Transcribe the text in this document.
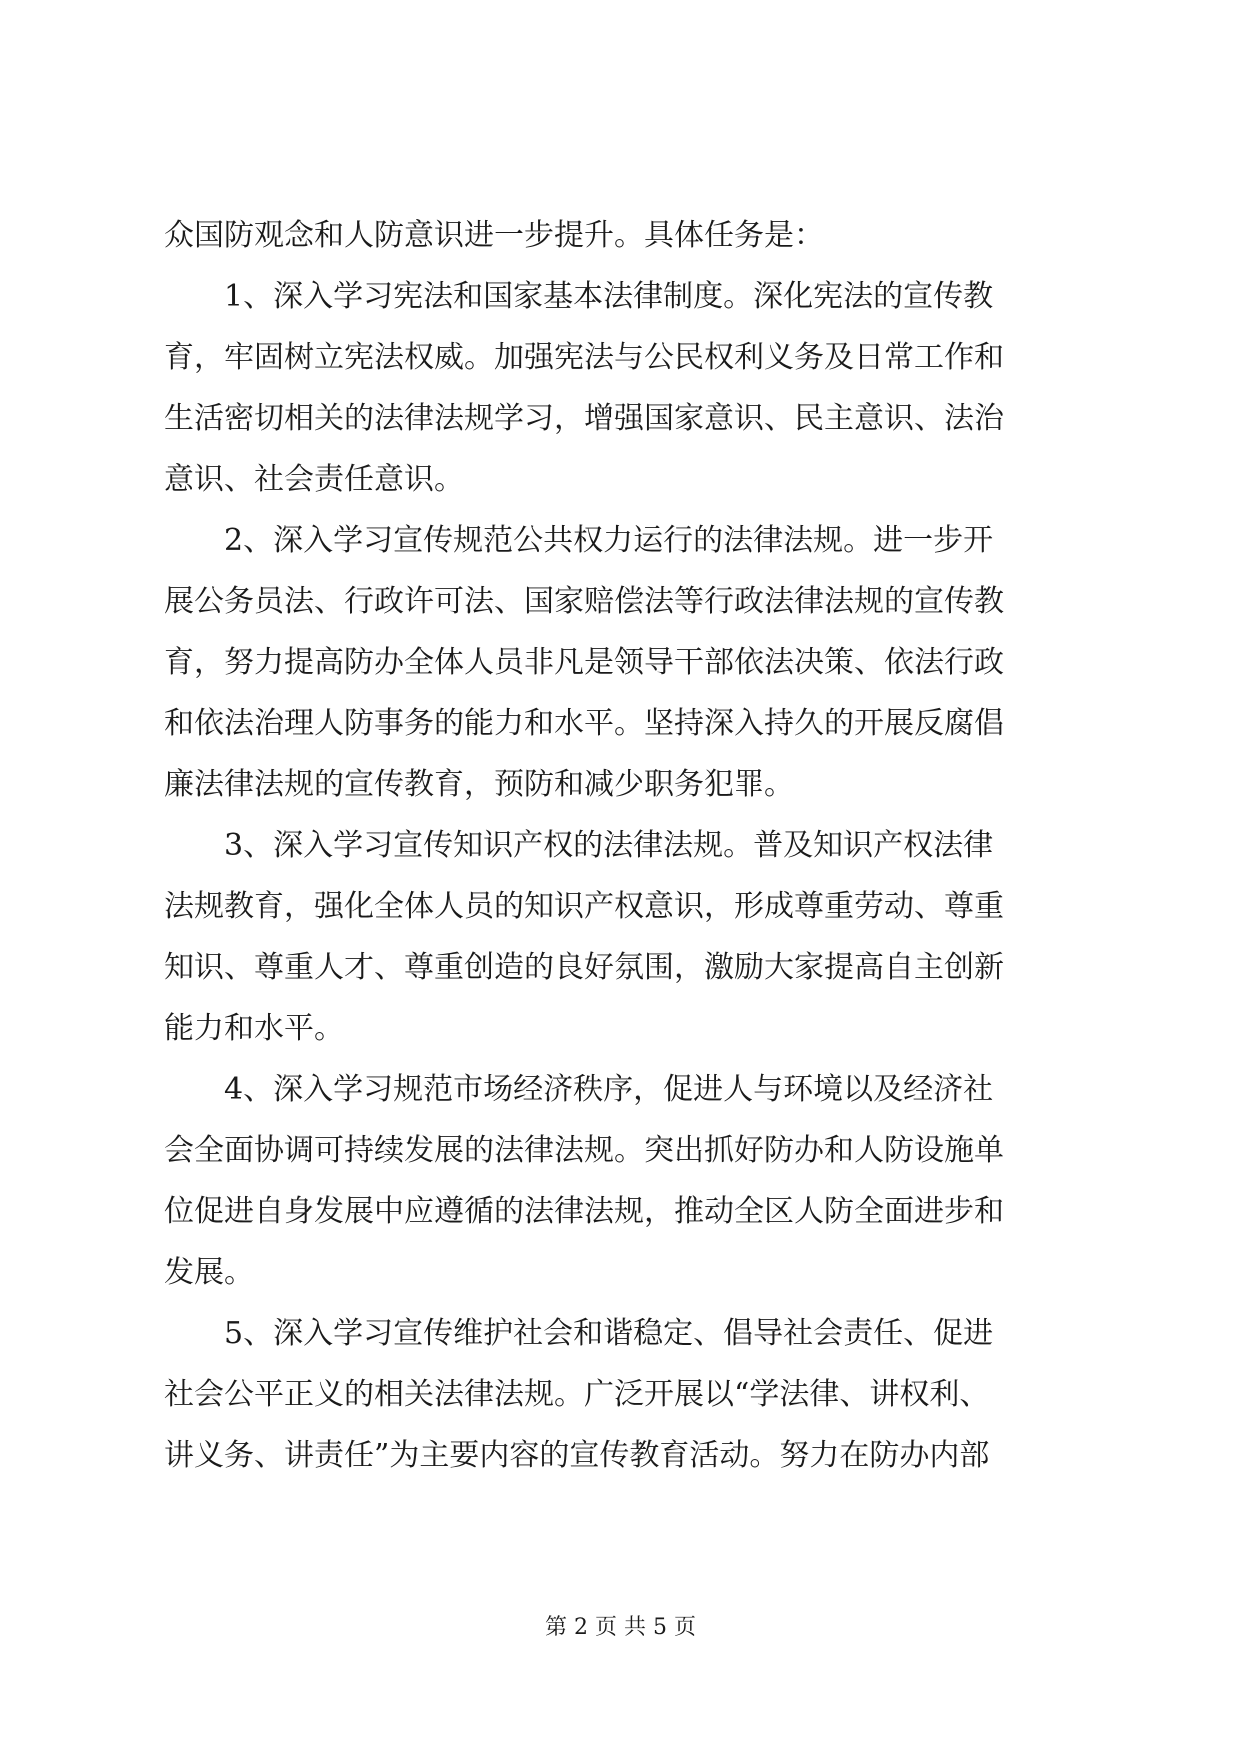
众国防观念和人防意识进一步提升。具体任务是：
　　1、深入学习宪法和国家基本法律制度。深化宪法的宣传教
育，牢固树立宪法权威。加强宪法与公民权利义务及日常工作和
生活密切相关的法律法规学习，增强国家意识、民主意识、法治
意识、社会责任意识。
　　2、深入学习宣传规范公共权力运行的法律法规。进一步开
展公务员法、行政许可法、国家赔偿法等行政法律法规的宣传教
育，努力提高防办全体人员非凡是领导干部依法决策、依法行政
和依法治理人防事务的能力和水平。坚持深入持久的开展反腐倡
廉法律法规的宣传教育，预防和减少职务犯罪。
　　3、深入学习宣传知识产权的法律法规。普及知识产权法律
法规教育，强化全体人员的知识产权意识，形成尊重劳动、尊重
知识、尊重人才、尊重创造的良好氛围，激励大家提高自主创新
能力和水平。
　　4、深入学习规范市场经济秩序，促进人与环境以及经济社
会全面协调可持续发展的法律法规。突出抓好防办和人防设施单
位促进自身发展中应遵循的法律法规，推动全区人防全面进步和
发展。
　　5、深入学习宣传维护社会和谐稳定、倡导社会责任、促进
社会公平正义的相关法律法规。广泛开展以“学法律、讲权利、
讲义务、讲责任”为主要内容的宣传教育活动。努力在防办内部
第 2 页 共 5 页
